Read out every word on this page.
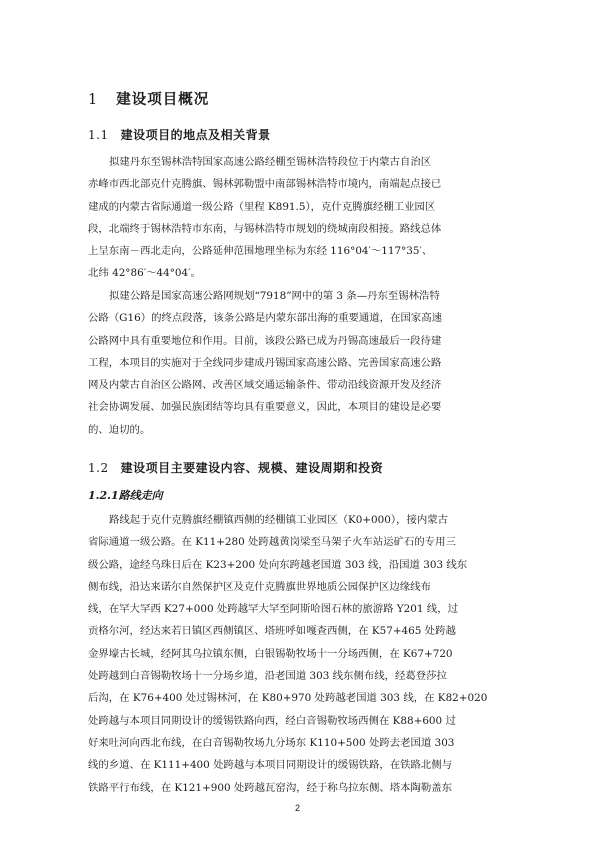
1 建设项目概况
1.1 建设项目的地点及相关背景
拟建丹东至锡林浩特国家高速公路经棚至锡林浩特段位于内蒙古自治区
赤峰市西北部克什克腾旗、锡林郭勒盟中南部锡林浩特市境内，南端起点接已
建成的内蒙古省际通道一级公路（里程 K891.5），克什克腾旗经棚工业园区
段，北端终于锡林浩特市东南，与锡林浩特市规划的绕城南段相接。路线总体
上呈东南－西北走向，公路延伸范围地理坐标为东经 116°04′～117°35′、
北纬 42°86′～44°04′。
拟建公路是国家高速公路网规划“7918”网中的第 3 条—丹东至锡林浩特
公路（G16）的终点段落，该条公路是内蒙东部出海的重要通道，在国家高速
公路网中具有重要地位和作用。目前，该段公路已成为丹锡高速最后一段待建
工程，本项目的实施对于全线同步建成丹锡国家高速公路、完善国家高速公路
网及内蒙古自治区公路网、改善区域交通运输条件、带动沿线资源开发及经济
社会协调发展、加强民族团结等均具有重要意义，因此，本项目的建设是必要
的、迫切的。
1.2 建设项目主要建设内容、规模、建设周期和投资
1.2.1路线走向
路线起于克什克腾旗经棚镇西侧的经棚镇工业园区（K0+000），接内蒙古
省际通道一级公路。在 K11+280 处跨越黄岗梁至马架子火车站运矿石的专用三
级公路，途经乌珠日后在 K23+200 处向东跨越老国道 303 线，沿国道 303 线东
侧布线，沿达来诺尔自然保护区及克什克腾旗世界地质公园保护区边缘线布
线，在罕大罕西 K27+000 处跨越罕大罕至阿斯哈图石林的旅游路 Y201 线，过
贡格尔河，经达来若日镇区西侧镇区、塔班呼如嘎查西侧，在 K57+465 处跨越
金界壕古长城，经阿其乌拉镇东侧，白银锡勒牧场十一分场西侧，在 K67+720
处跨越到白音锡勒牧场十一分场乡道，沿老国道 303 线东侧布线，经葛登莎拉
后沟，在 K76+400 处过锡林河，在 K80+970 处跨越老国道 303 线，在 K82+020
处跨越与本项目同期设计的缓锡铁路向西，经白音锡勒牧场西侧在 K88+600 过
好来吐河向西北布线，在白音锡勒牧场九分场东 K110+500 处跨去老国道 303
线的乡道、在 K111+400 处跨越与本项目同期设计的缓锡铁路，在铁路北侧与
铁路平行布线，在 K121+900 处跨越瓦窑沟，经于称乌拉东侧、塔本陶勒盖东
2
